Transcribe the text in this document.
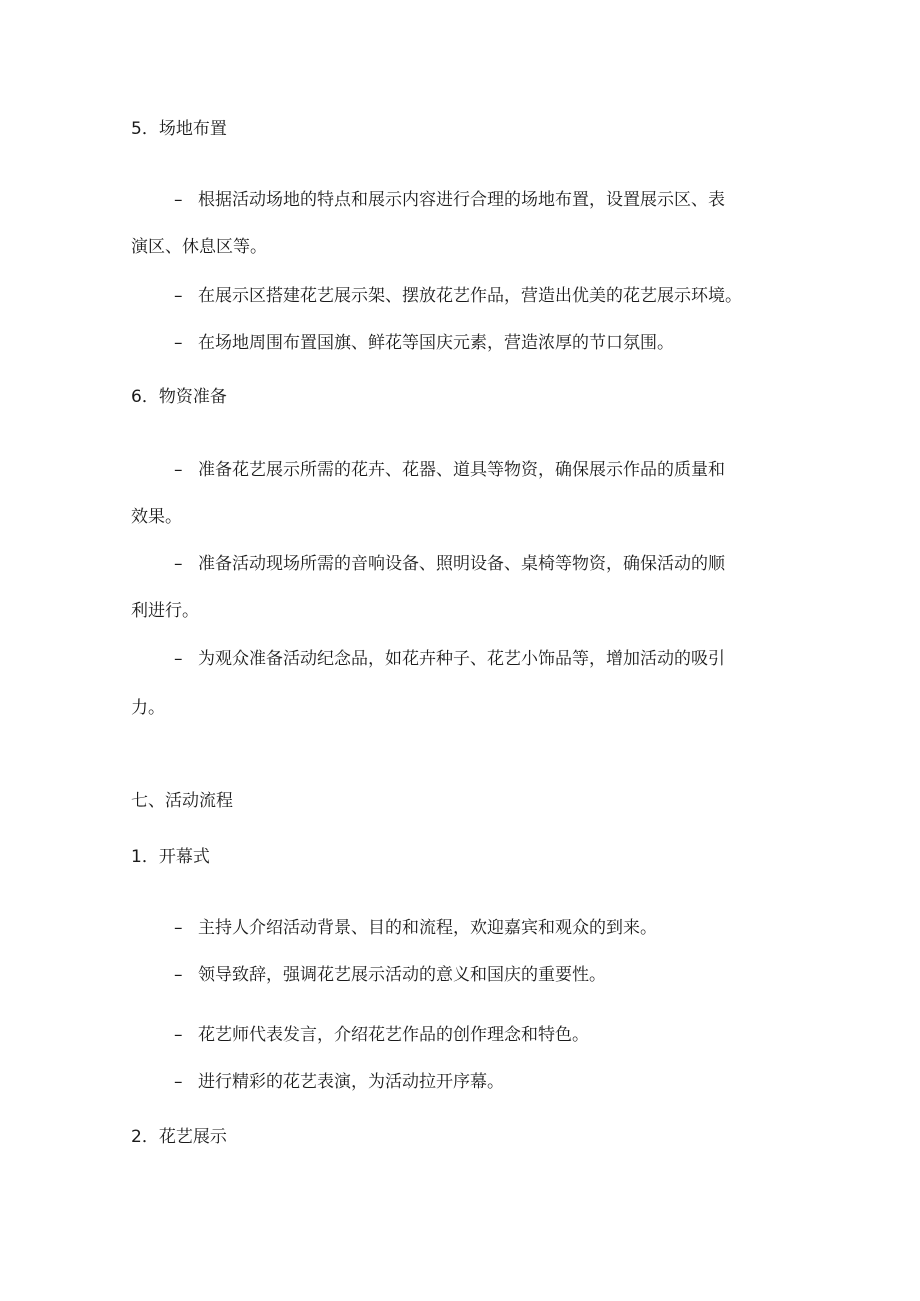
5．场地布置
– 根据活动场地的特点和展示内容进行合理的场地布置，设置展示区、表
演区、休息区等。
– 在展示区搭建花艺展示架、摆放花艺作品，营造出优美的花艺展示环境。
– 在场地周围布置国旗、鲜花等国庆元素，营造浓厚的节口氛围。
6．物资准备
– 准备花艺展示所需的花卉、花器、道具等物资，确保展示作品的质量和
效果。
– 准备活动现场所需的音响设备、照明设备、桌椅等物资，确保活动的顺
利进行。
– 为观众准备活动纪念品，如花卉种子、花艺小饰品等，增加活动的吸引
力。
七、活动流程
1．开幕式
– 主持人介绍活动背景、目的和流程，欢迎嘉宾和观众的到来。
– 领导致辞，强调花艺展示活动的意义和国庆的重要性。
– 花艺师代表发言，介绍花艺作品的创作理念和特色。
– 进行精彩的花艺表演，为活动拉开序幕。
2．花艺展示
